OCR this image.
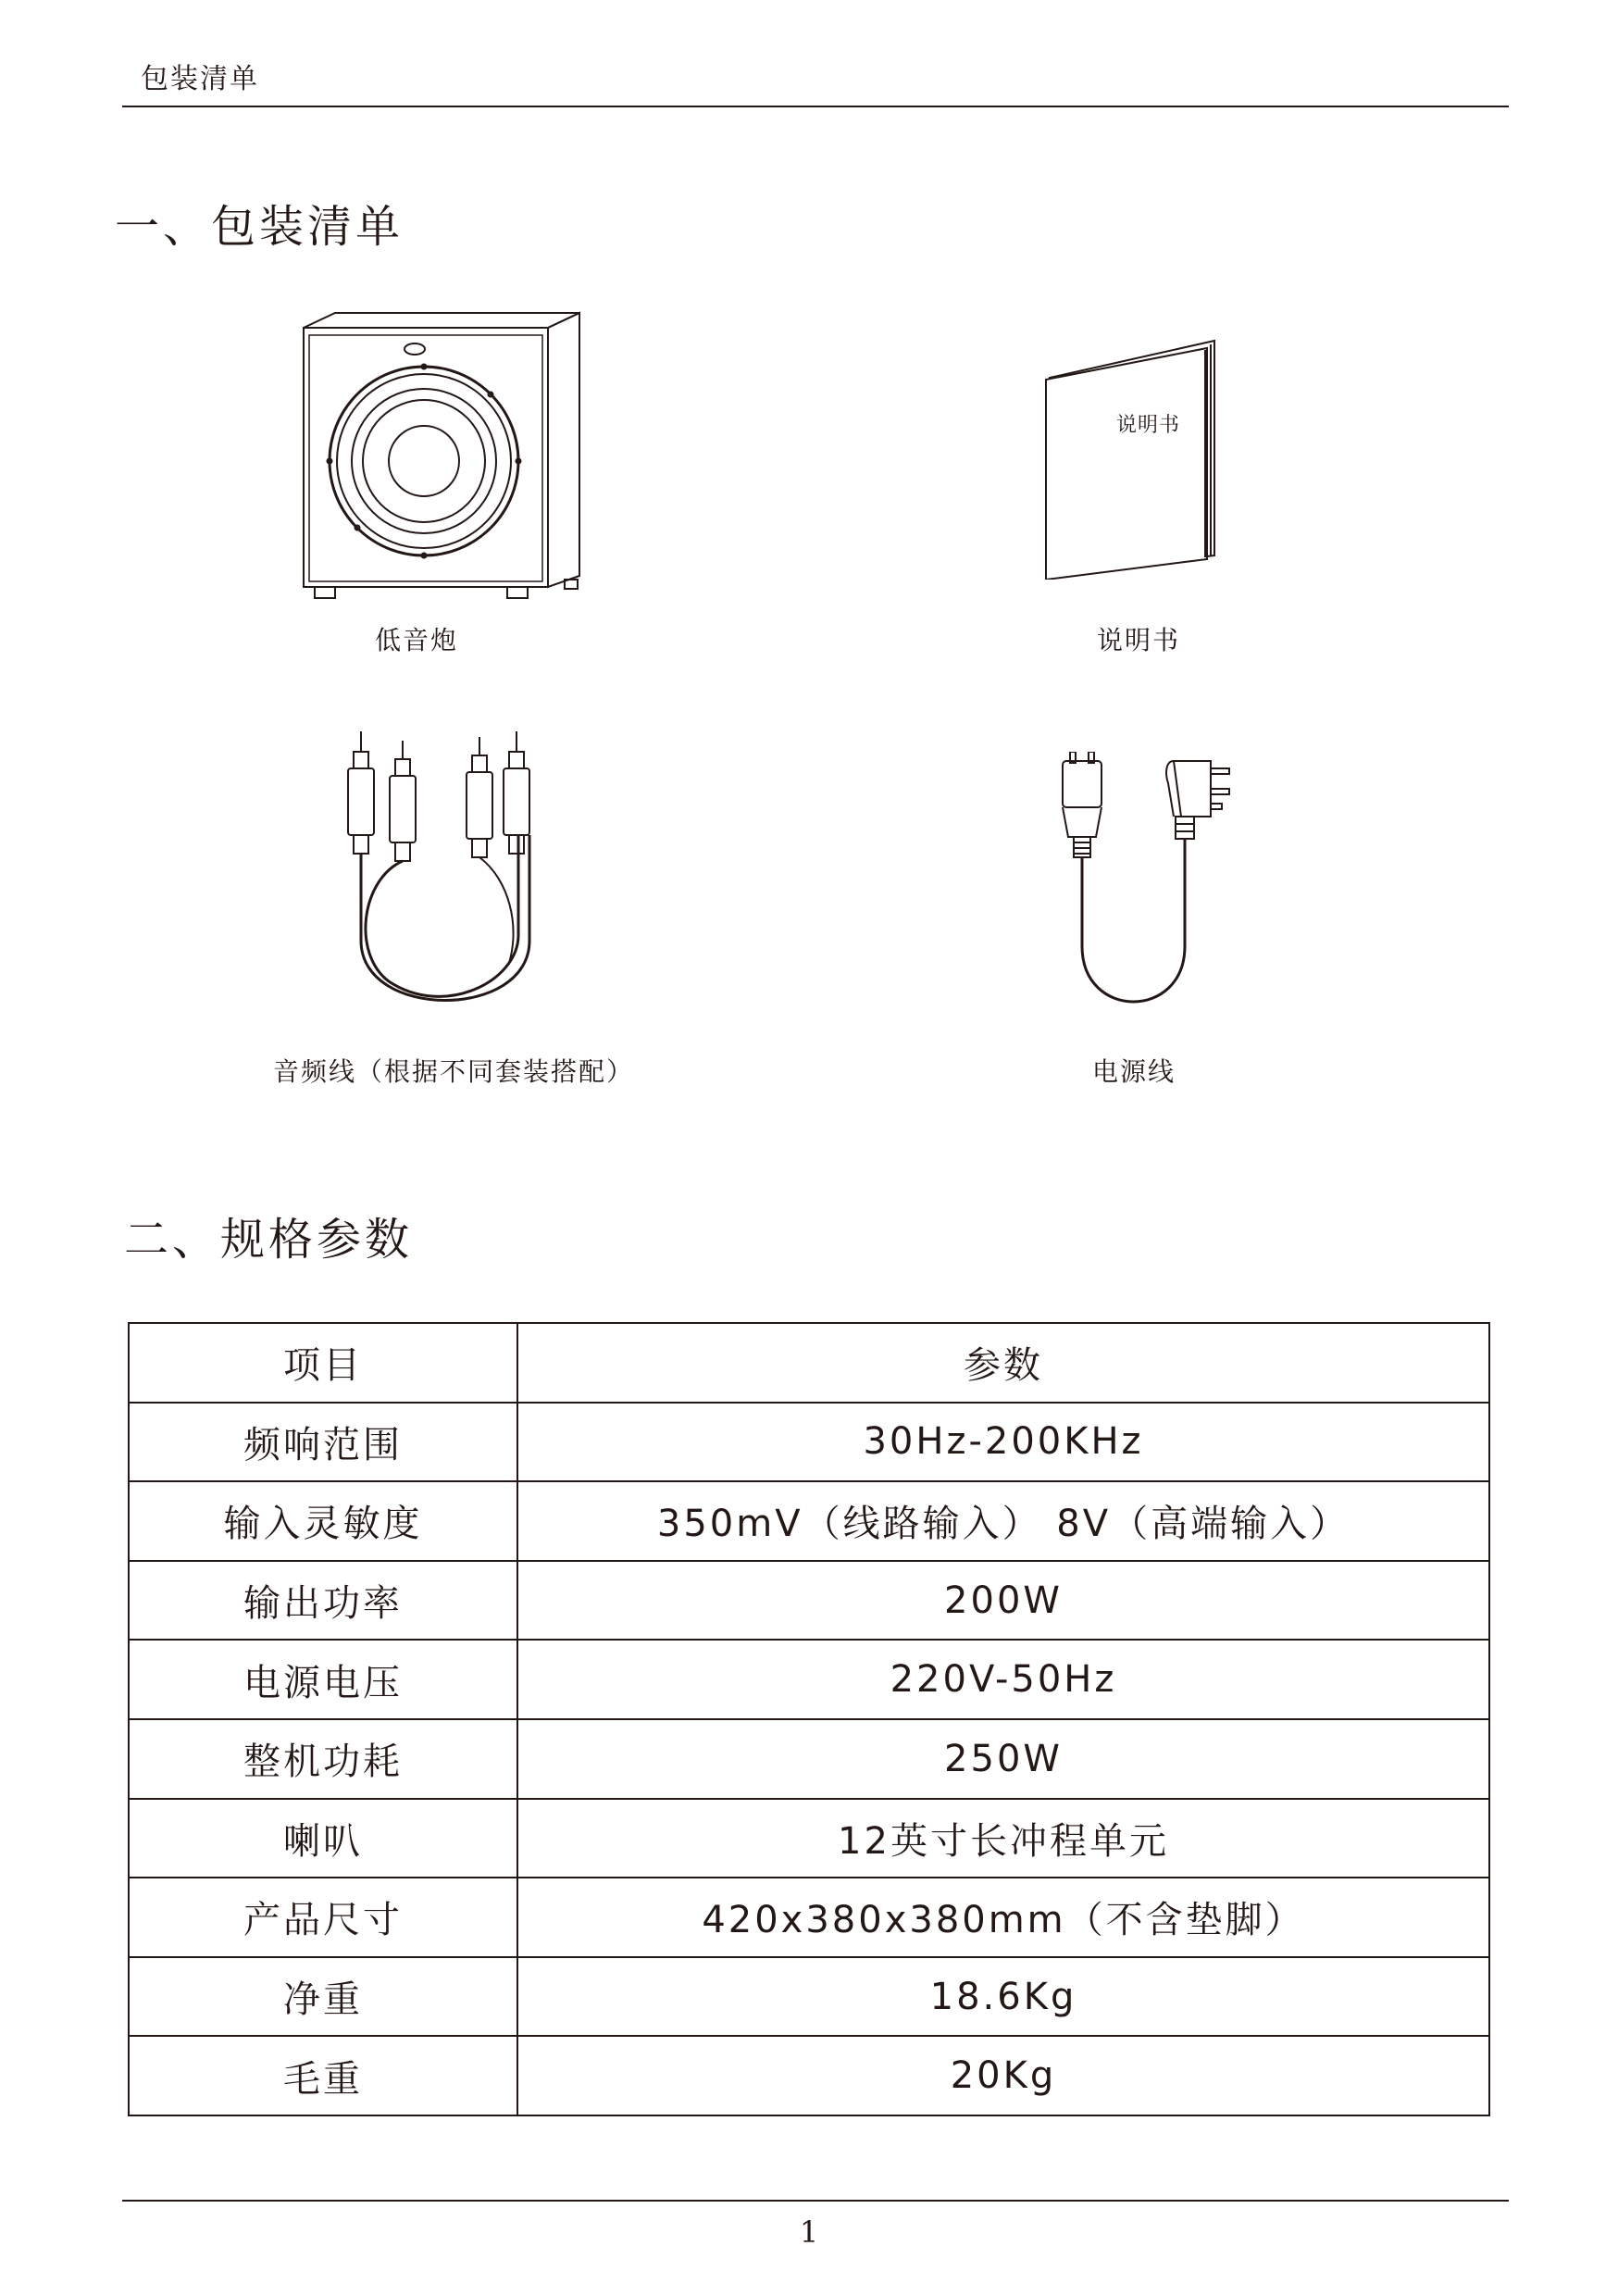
包装清单
一、包装清单
低音炮
说明书
说明书
音频线（根据不同套装搭配）	电源线
二、规格参数
项目	参数
频响范围	30Hz-200KHz
输入灵敏度	350mV（线路输入） 8V（高端输入）
输出功率	200W
电源电压	220V-50Hz
整机功耗	250W
喇叭	12英寸长冲程单元
产品尺寸	420x380x380mm（不含垫脚）
净重	18.6Kg
毛重	20Kg
1
